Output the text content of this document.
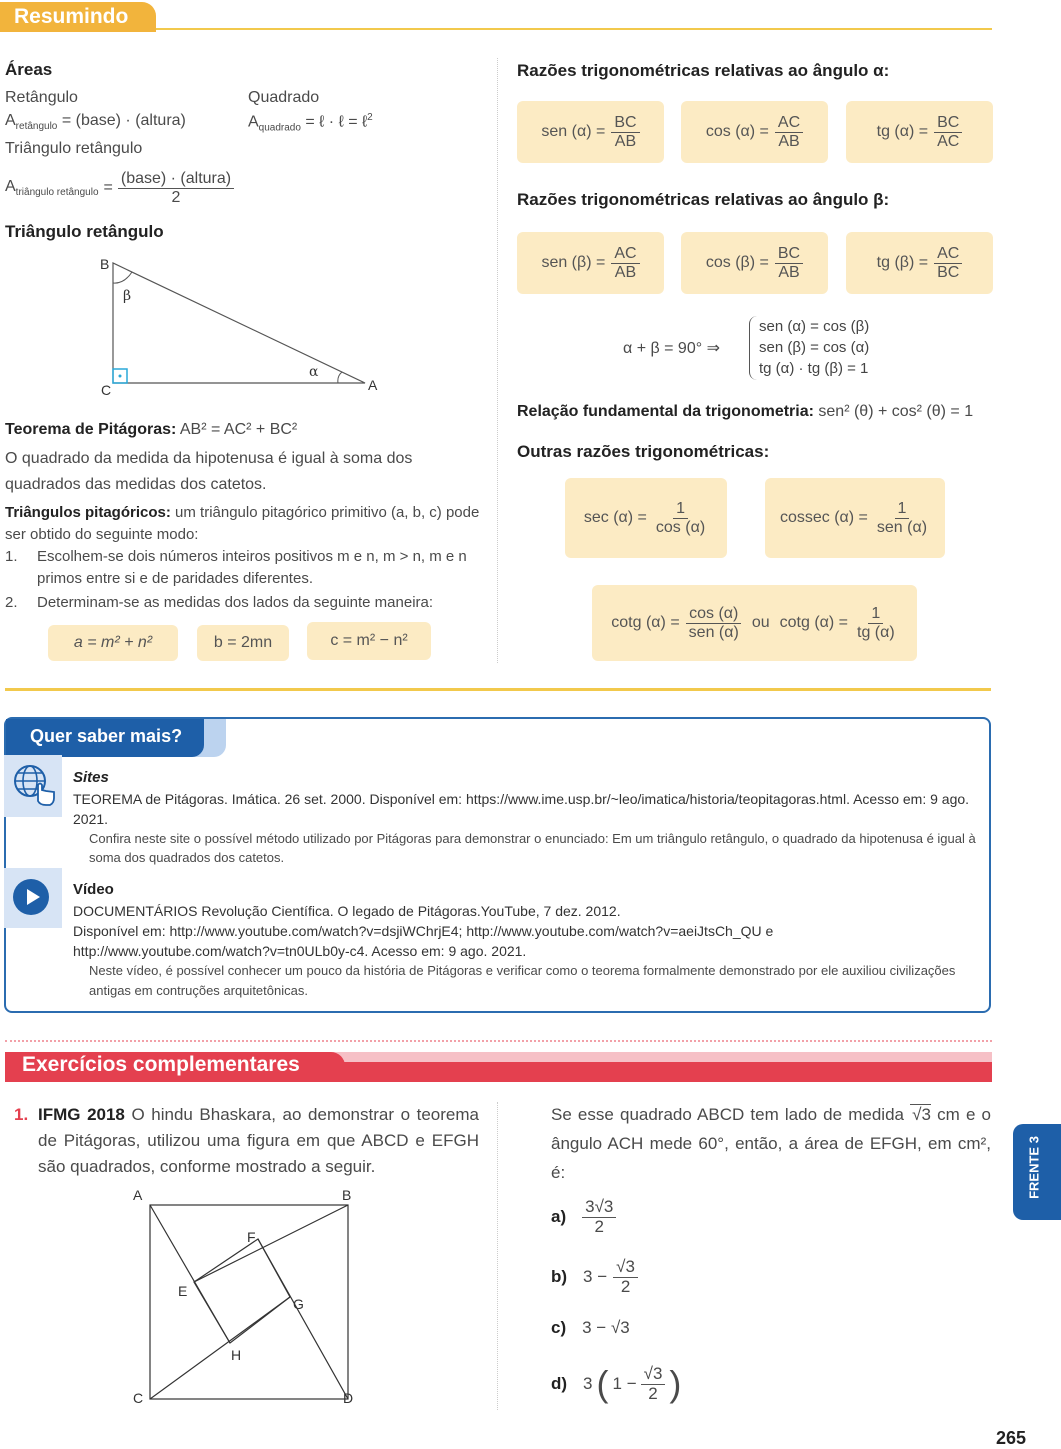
Resumindo
Áreas
Retângulo
$A_{retângulo}$ = (base) · (altura)
Quadrado
$A_{quadrado}$ = ℓ · ℓ = ℓ$^2$
Triângulo retângulo
$A_{triângulo retângulo} = \frac{\text{(base) · (altura)}}{2}$
Triângulo retângulo
B
C	A
β
α
Teorema de Pitágoras: AB² = AC² + BC²
O quadrado da medida da hipotenusa é igual à soma dos quadrados das medidas dos catetos.
Triângulos pitagóricos: um triângulo pitagórico primitivo (a, b, c) pode ser obtido do seguinte modo:
1.	Escolhem-se dois números inteiros positivos m e n, m > n, m e n primos entre si e de paridades diferentes.
2.	Determinam-se as medidas dos lados da seguinte maneira:
a = m² + n²	b = 2mn	c = m² − n²
Razões trigonométricas relativas ao ângulo α:
sen $(\alpha) = \frac{BC}{AB}$	$\cos (\alpha) = \frac{AC}{AB}$	tg $(\alpha) = \frac{BC}{AC}$
Razões trigonométricas relativas ao ângulo β:
sen $(\beta) = \frac{AC}{AB}$	$\cos (\beta) = \frac{BC}{AB}$	tg $(\beta) = \frac{AC}{BC}$
α + β = 90° ⇒
sen (α) = cos (β)
sen (β) = cos (α)
tg (α) · tg (β) = 1
Relação fundamental da trigonometria: sen² (θ) + cos² (θ) = 1
Outras razões trigonométricas:
$\sec (\alpha) = \frac{1}{\cos (\alpha)}$	cossec $(\alpha) = \frac{1}{\text{sen (α)}}$
cotg $(\alpha) = \frac{\cos (\alpha)}{\text{sen (α)}}$ ou cotg $(\alpha) = \frac{1}{tg (\alpha)}$
Quer saber mais?
Sites
TEOREMA de Pitágoras. Imática. 26 set. 2000. Disponível em: https://www.ime.usp.br/~leo/imatica/historia/teopitagoras.html. Acesso em: 9 ago. 2021.
Confira neste site o possível método utilizado por Pitágoras para demonstrar o enunciado: Em um triângulo retângulo, o quadrado da hipotenusa é igual à soma dos quadrados dos catetos.
Vídeo
DOCUMENTÁRIOS Revolução Científica. O legado de Pitágoras.YouTube, 7 dez. 2012.
Disponível em: http://www.youtube.com/watch?v=dsjiWChrjE4; http://www.youtube.com/watch?v=aeiJtsCh_QU e
http://www.youtube.com/watch?v=tn0ULb0y-c4. Acesso em: 9 ago. 2021.
Neste vídeo, é possível conhecer um pouco da história de Pitágoras e verificar como o teorema formalmente demonstrado por ele auxiliou civilizações antigas em contruções arquitetônicas.
Exercícios complementares
1. IFMG 2018 O hindu Bhaskara, ao demonstrar o teorema de Pitágoras, utilizou uma figura em que ABCD e EFGH são quadrados, conforme mostrado a seguir.
A	B
C	D
E
F
G
H
Se esse quadrado ABCD tem lado de medida √3 cm e o ângulo ACH mede 60°, então, a área de EFGH, em cm², é:
$a) \frac{3√3}{2}$
b) $3 - \frac{√3}{2}$
c) 3 − √3
d) 3 ( $1 - \frac{√3}{2}$ )
FRENTE 3
265
